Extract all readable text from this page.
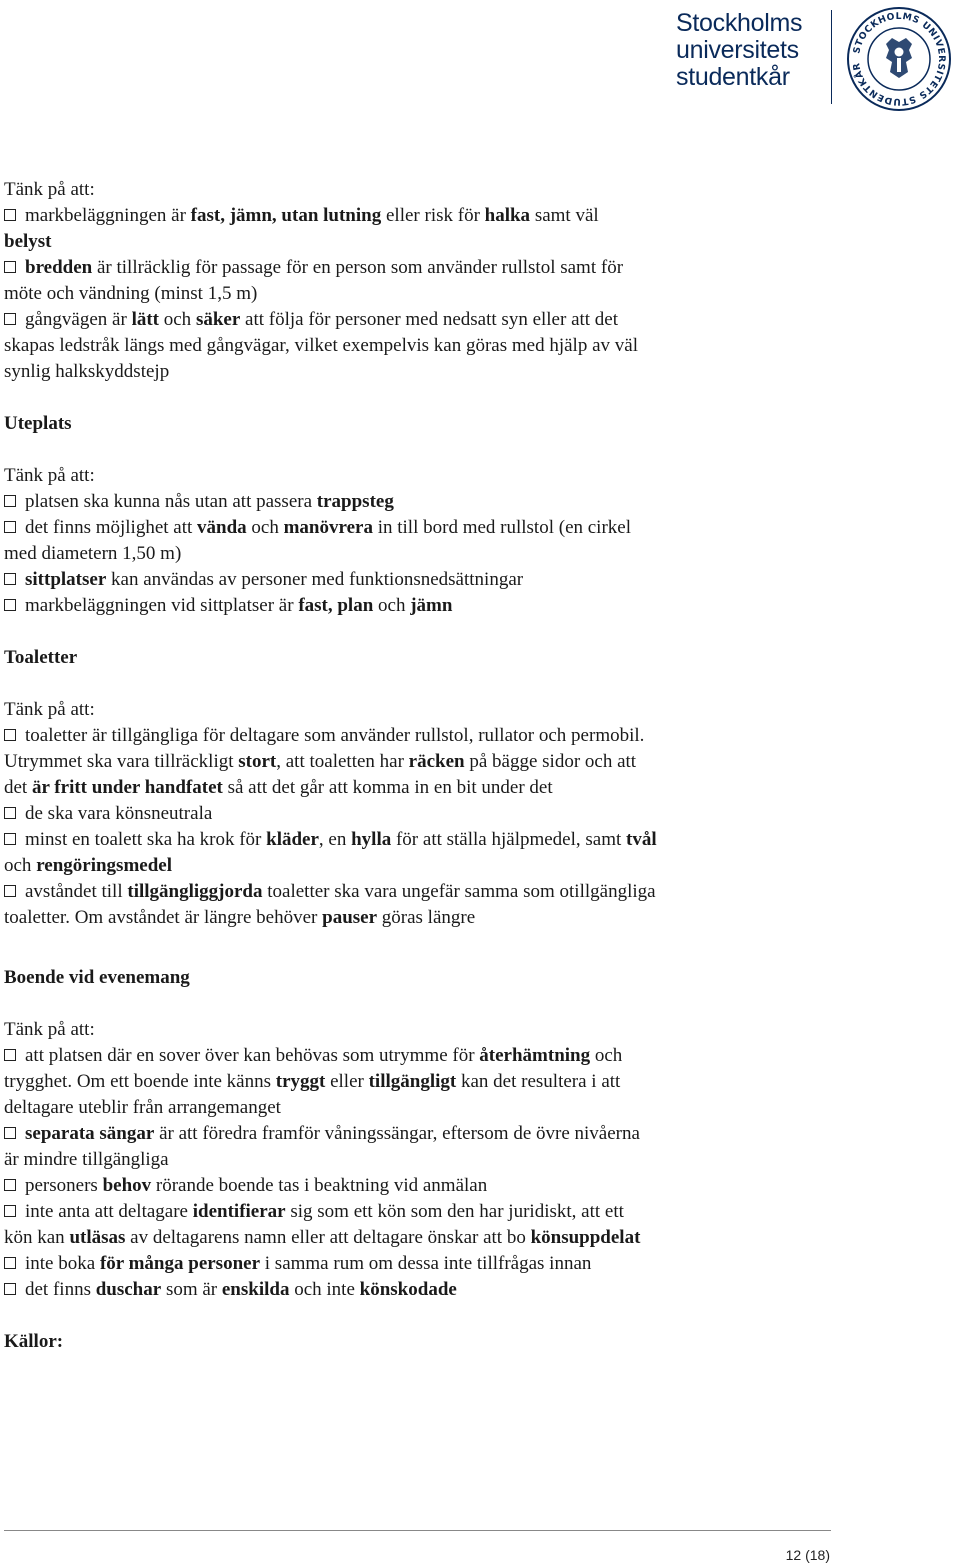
Stockholms
universitets
studentkår
STOCKHOLMS UNIVERSITETS STUDENTKÅR
Tänk på att:
markbeläggningen är fast, jämn, utan lutning eller risk för halka samt väl
belyst
bredden är tillräcklig för passage för en person som använder rullstol samt för
möte och vändning (minst 1,5 m)
gångvägen är lätt och säker att följa för personer med nedsatt syn eller att det
skapas ledstråk längs med gångvägar, vilket exempelvis kan göras med hjälp av väl
synlig halkskyddstejp
Uteplats
Tänk på att:
platsen ska kunna nås utan att passera trappsteg
det finns möjlighet att vända och manövrera in till bord med rullstol (en cirkel
med diametern 1,50 m)
sittplatser kan användas av personer med funktionsnedsättningar
markbeläggningen vid sittplatser är fast, plan och jämn
Toaletter
Tänk på att:
toaletter är tillgängliga för deltagare som använder rullstol, rullator och permobil.
Utrymmet ska vara tillräckligt stort, att toaletten har räcken på bägge sidor och att
det är fritt under handfatet så att det går att komma in en bit under det
de ska vara könsneutrala
minst en toalett ska ha krok för kläder, en hylla för att ställa hjälpmedel, samt tvål
och rengöringsmedel
avståndet till tillgängliggjorda toaletter ska vara ungefär samma som otillgängliga
toaletter. Om avståndet är längre behöver pauser göras längre
Boende vid evenemang
Tänk på att:
att platsen där en sover över kan behövas som utrymme för återhämtning och
trygghet. Om ett boende inte känns tryggt eller tillgängligt kan det resultera i att
deltagare uteblir från arrangemanget
separata sängar är att föredra framför våningssängar, eftersom de övre nivåerna
är mindre tillgängliga
personers behov rörande boende tas i beaktning vid anmälan
inte anta att deltagare identifierar sig som ett kön som den har juridiskt, att ett
kön kan utläsas av deltagarens namn eller att deltagare önskar att bo könsuppdelat
inte boka för många personer i samma rum om dessa inte tillfrågas innan
det finns duschar som är enskilda och inte könskodade
Källor:
12 (18)
